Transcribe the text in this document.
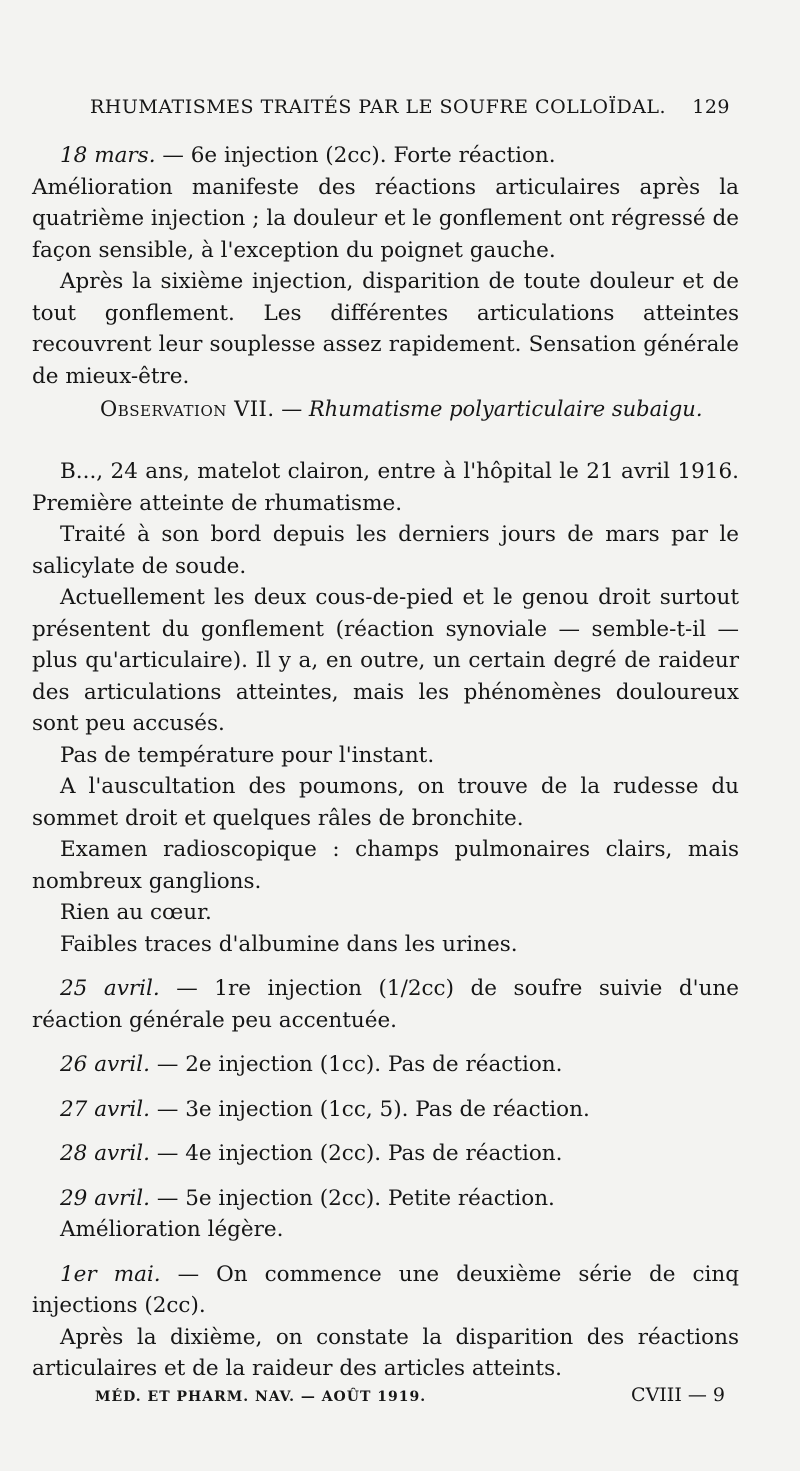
RHUMATISMES TRAITÉS PAR LE SOUFRE COLLOÏDAL. 129

18 mars. — 6e injection (2cc). Forte réaction.

Amélioration manifeste des réactions articulaires après la quatrième injection ; la douleur et le gonflement ont régressé de façon sensible, à l'exception du poignet gauche.

Après la sixième injection, disparition de toute douleur et de tout gonflement. Les différentes articulations atteintes recouvrent leur souplesse assez rapidement. Sensation générale de mieux-être.

Observation VII. — Rhumatisme polyarticulaire subaigu.

B..., 24 ans, matelot clairon, entre à l'hôpital le 21 avril 1916. Première atteinte de rhumatisme.

Traité à son bord depuis les derniers jours de mars par le salicylate de soude.

Actuellement les deux cous-de-pied et le genou droit surtout présentent du gonflement (réaction synoviale — semble-t-il — plus qu'articulaire). Il y a, en outre, un certain degré de raideur des articulations atteintes, mais les phénomènes douloureux sont peu accusés.

Pas de température pour l'instant.

A l'auscultation des poumons, on trouve de la rudesse du sommet droit et quelques râles de bronchite.

Examen radioscopique : champs pulmonaires clairs, mais nombreux ganglions.

Rien au cœur.

Faibles traces d'albumine dans les urines.

25 avril. — 1re injection (1/2cc) de soufre suivie d'une réaction générale peu accentuée.

26 avril. — 2e injection (1cc). Pas de réaction.

27 avril. — 3e injection (1cc, 5). Pas de réaction.

28 avril. — 4e injection (2cc). Pas de réaction.

29 avril. — 5e injection (2cc). Petite réaction.

Amélioration légère.

1er mai. — On commence une deuxième série de cinq injections (2cc).

Après la dixième, on constate la disparition des réactions articulaires et de la raideur des articles atteints.

MÉD. ET PHARM. NAV. — AOÛT 1919.	CVIII — 9
